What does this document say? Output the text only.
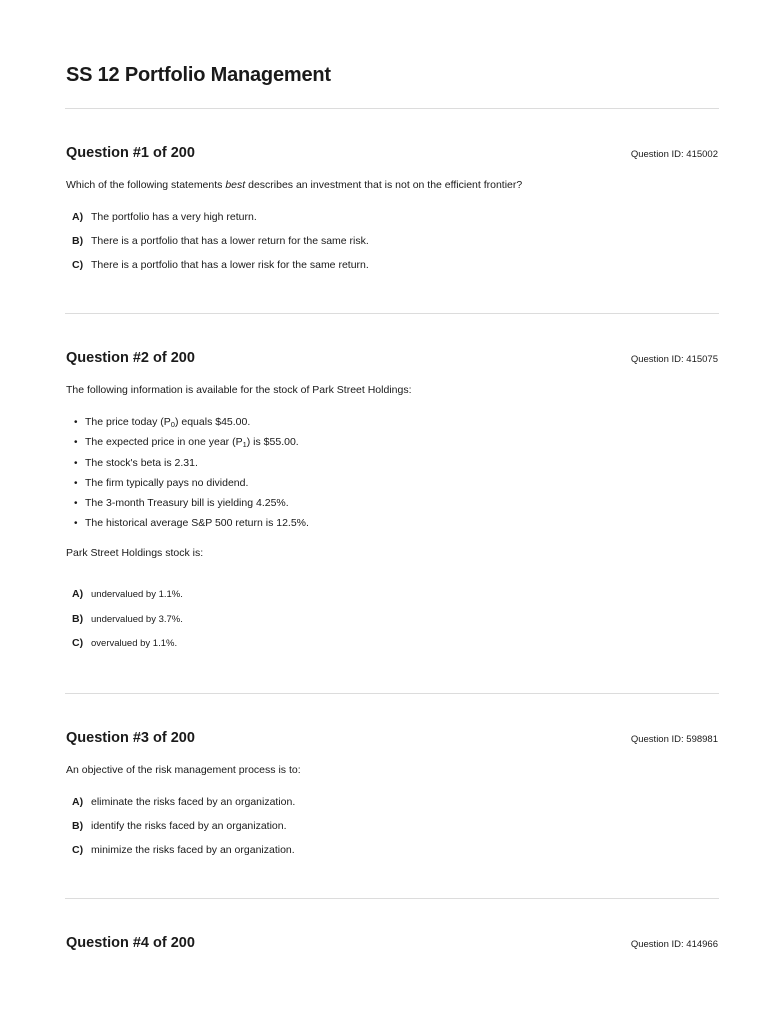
SS 12 Portfolio Management
Question #1 of 200	Question ID: 415002
Which of the following statements best describes an investment that is not on the efficient frontier?
A) The portfolio has a very high return.
B) There is a portfolio that has a lower return for the same risk.
C) There is a portfolio that has a lower risk for the same return.
Question #2 of 200	Question ID: 415075
The following information is available for the stock of Park Street Holdings:
• The price today $(P_0)$ equals $45.00.
• The expected price in one year $(P_1)$ is $55.00.
• The stock's beta is 2.31.
• The firm typically pays no dividend.
• The 3-month Treasury bill is yielding 4.25%.
• The historical average S&P 500 return is 12.5%.
Park Street Holdings stock is:
A) undervalued by 1.1%.
B) undervalued by 3.7%.
C) overvalued by 1.1%.
Question #3 of 200	Question ID: 598981
An objective of the risk management process is to:
A) eliminate the risks faced by an organization.
B) identify the risks faced by an organization.
C) minimize the risks faced by an organization.
Question #4 of 200	Question ID: 414966
